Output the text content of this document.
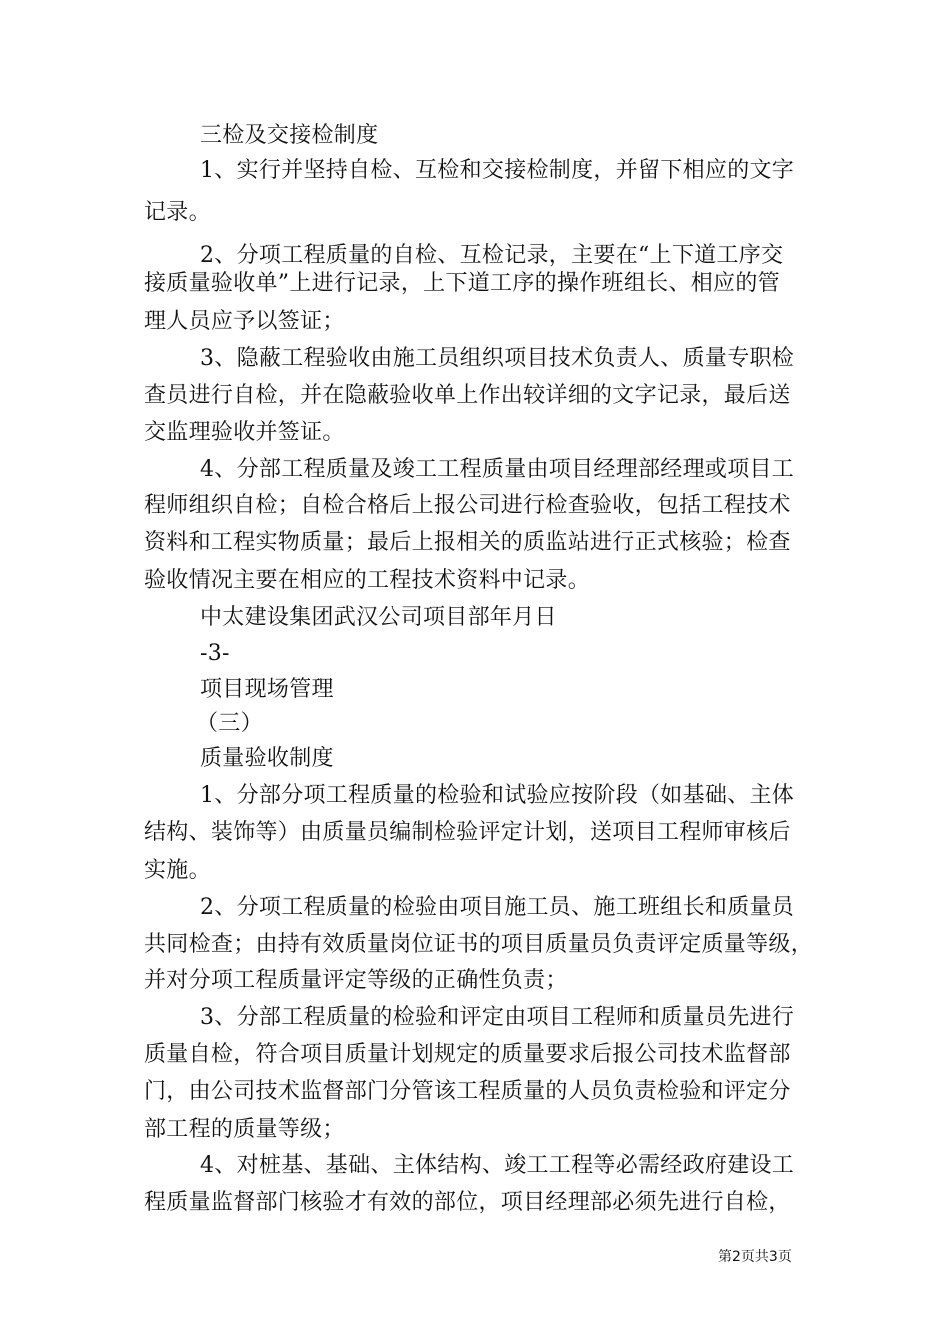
三检及交接检制度
1、实行并坚持自检、互检和交接检制度，并留下相应的文字
记录。
2、分项工程质量的自检、互检记录，主要在“上下道工序交
接质量验收单”上进行记录，上下道工序的操作班组长、相应的管
理人员应予以签证；
3、隐蔽工程验收由施工员组织项目技术负责人、质量专职检
查员进行自检，并在隐蔽验收单上作出较详细的文字记录，最后送
交监理验收并签证。
4、分部工程质量及竣工工程质量由项目经理部经理或项目工
程师组织自检；自检合格后上报公司进行检查验收，包括工程技术
资料和工程实物质量；最后上报相关的质监站进行正式核验；检查
验收情况主要在相应的工程技术资料中记录。
中太建设集团武汉公司项目部年月日
-3-
项目现场管理
（三）
质量验收制度
1、分部分项工程质量的检验和试验应按阶段（如基础、主体
结构、装饰等）由质量员编制检验评定计划，送项目工程师审核后
实施。
2、分项工程质量的检验由项目施工员、施工班组长和质量员
共同检查；由持有效质量岗位证书的项目质量员负责评定质量等级，
并对分项工程质量评定等级的正确性负责；
3、分部工程质量的检验和评定由项目工程师和质量员先进行
质量自检，符合项目质量计划规定的质量要求后报公司技术监督部
门，由公司技术监督部门分管该工程质量的人员负责检验和评定分
部工程的质量等级；
4、对桩基、基础、主体结构、竣工工程等必需经政府建设工
程质量监督部门核验才有效的部位，项目经理部必须先进行自检，
第2页共3页
